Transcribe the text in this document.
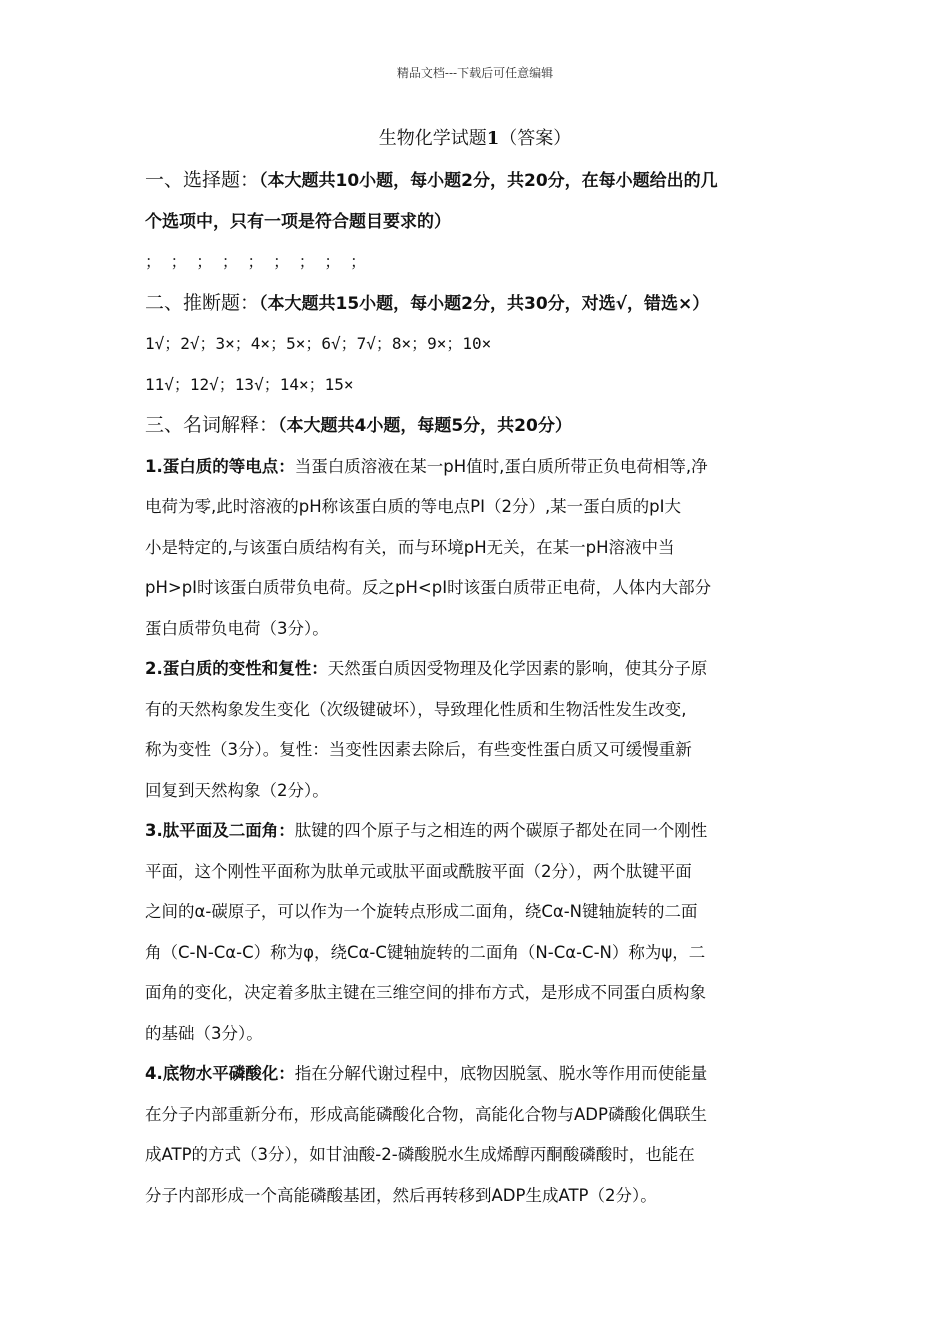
精品文档---下载后可任意编辑
生物化学试题1（答案）

一、选择题：（本大题共10小题，每小题2分，共20分，在每小题给出的几

个选项中，只有一项是符合题目要求的）

； ； ； ； ； ； ； ； ；

二、推断题：（本大题共15小题，每小题2分，共30分，对选√，错选×）

1√；2√；3×；4×；5×；6√；7√；8×；9×；10×

11√；12√；13√；14×；15×

三、名词解释：（本大题共4小题，每题5分，共20分）

1.蛋白质的等电点：当蛋白质溶液在某一pH值时,蛋白质所带正负电荷相等,净

电荷为零,此时溶液的pH称该蛋白质的等电点PI（2分）,某一蛋白质的pI大

小是特定的,与该蛋白质结构有关，而与环境pH无关，在某一pH溶液中当

pH>pI时该蛋白质带负电荷。反之pH<pI时该蛋白质带正电荷，人体内大部分

蛋白质带负电荷（3分）。

2.蛋白质的变性和复性：天然蛋白质因受物理及化学因素的影响，使其分子原

有的天然构象发生变化（次级键破坏），导致理化性质和生物活性发生改变,

称为变性（3分）。复性：当变性因素去除后，有些变性蛋白质又可缓慢重新

回复到天然构象（2分）。

3.肽平面及二面角：肽键的四个原子与之相连的两个碳原子都处在同一个刚性

平面，这个刚性平面称为肽单元或肽平面或酰胺平面（2分），两个肽键平面

之间的α-碳原子，可以作为一个旋转点形成二面角，绕Cα-N键轴旋转的二面

角（C-N-Cα-C）称为φ，绕Cα-C键轴旋转的二面角（N-Cα-C-N）称为ψ，二

面角的变化，决定着多肽主键在三维空间的排布方式，是形成不同蛋白质构象

的基础（3分）。

4.底物水平磷酸化：指在分解代谢过程中，底物因脱氢、脱水等作用而使能量

在分子内部重新分布，形成高能磷酸化合物，高能化合物与ADP磷酸化偶联生

成ATP的方式（3分），如甘油酸-2-磷酸脱水生成烯醇丙酮酸磷酸时，也能在

分子内部形成一个高能磷酸基团，然后再转移到ADP生成ATP（2分）。
